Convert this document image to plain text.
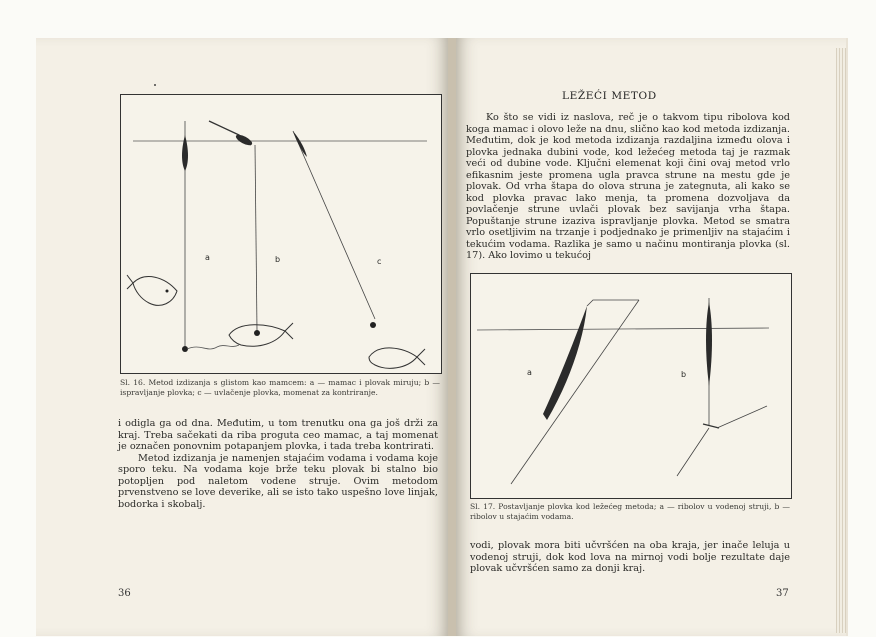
a	b	c
Sl. 16. Metod izdizanja s glistom kao mamcem: a — mamac i plovak miruju; b — ispravljanje plovka; c — uvlačenje plovka, momenat za kontriranje.

i odigla ga od dna. Međutim, u tom trenutku ona ga još drži za kraj. Treba sačekati da riba proguta ceo mamac, a taj momenat je označen ponovnim potapanjem plovka, i tada treba kontrirati.

Metod izdizanja je namenjen stajaćim vodama i vodama koje sporo teku. Na vodama koje brže teku plovak bi stalno bio potopljen pod naletom vodene struje. Ovim metodom prvenstveno se love deverike, ali se isto tako uspešno love linjak, bodorka i skobalj.

36
LEŽEĆI METOD
Ko što se vidi iz naslova, reč je o takvom tipu ribolova kod koga mamac i olovo leže na dnu, slično kao kod metoda izdizanja. Međutim, dok je kod metoda izdizanja razdaljina između olova i plovka jednaka dubini vode, kod ležećeg metoda taj je razmak veći od dubine vode. Ključni elemenat koji čini ovaj metod vrlo efikasnim jeste promena ugla pravca strune na mestu gde je plovak. Od vrha štapa do olova struna je zategnuta, ali kako se kod plovka pravac lako menja, ta promena dozvoljava da povlačenje strune uvlači plovak bez savijanja vrha štapa. Popuštanje strune izaziva ispravljanje plovka. Metod se smatra vrlo osetljivim na trzanje i podjednako je primenljiv na stajaćim i tekućim vodama. Razlika je samo u načinu montiranja plovka (sl. 17). Ako lovimo u tekućoj
a	b
Sl. 17. Postavljanje plovka kod ležećeg metoda; a — ribolov u vodenoj struji, b — ribolov u stajaćim vodama.
vodi, plovak mora biti učvršćen na oba kraja, jer inače leluja u vodenoj struji, dok kod lova na mirnoj vodi bolje rezultate daje plovak učvršćen samo za donji kraj.
37
